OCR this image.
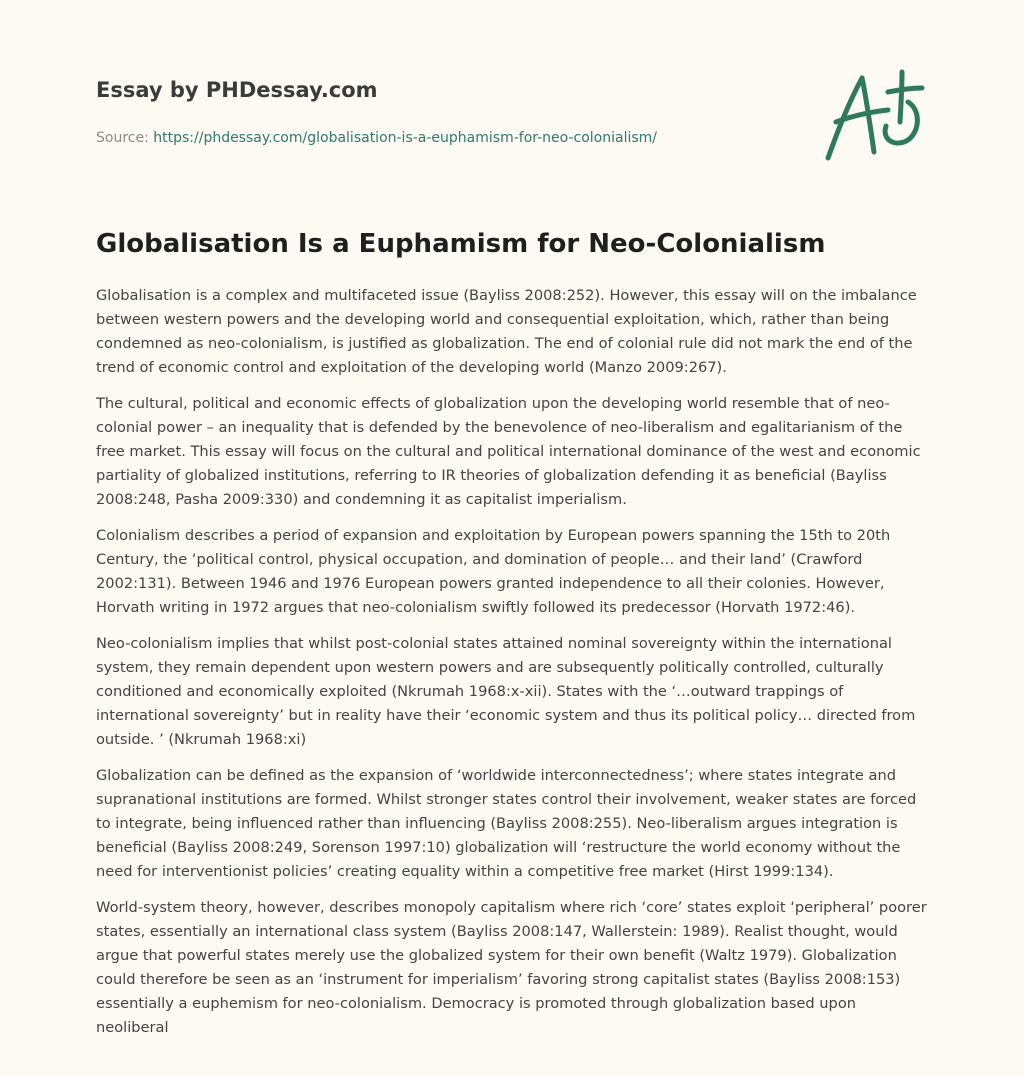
Essay by PHDessay.com
Source: https://phdessay.com/globalisation-is-a-euphamism-for-neo-colonialism/
Globalisation Is a Euphamism for Neo-Colonialism

Globalisation is a complex and multifaceted issue (Bayliss 2008:252). However, this essay will on the imbalance between western powers and the developing world and consequential exploitation, which, rather than being condemned as neo-colonialism, is justified as globalization. The end of colonial rule did not mark the end of the trend of economic control and exploitation of the developing world (Manzo 2009:267).

The cultural, political and economic effects of globalization upon the developing world resemble that of neo-colonial power – an inequality that is defended by the benevolence of neo-liberalism and egalitarianism of the free market. This essay will focus on the cultural and political international dominance of the west and economic partiality of globalized institutions, referring to IR theories of globalization defending it as beneficial (Bayliss 2008:248, Pasha 2009:330) and condemning it as capitalist imperialism.

Colonialism describes a period of expansion and exploitation by European powers spanning the 15th to 20th Century, the ‘political control, physical occupation, and domination of people… and their land’ (Crawford 2002:131). Between 1946 and 1976 European powers granted independence to all their colonies. However, Horvath writing in 1972 argues that neo-colonialism swiftly followed its predecessor (Horvath 1972:46).

Neo-colonialism implies that whilst post-colonial states attained nominal sovereignty within the international system, they remain dependent upon western powers and are subsequently politically controlled, culturally conditioned and economically exploited (Nkrumah 1968:x-xii). States with the ‘…outward trappings of international sovereignty’ but in reality have their ‘economic system and thus its political policy… directed from outside. ’ (Nkrumah 1968:xi)

Globalization can be defined as the expansion of ‘worldwide interconnectedness’; where states integrate and supranational institutions are formed. Whilst stronger states control their involvement, weaker states are forced to integrate, being influenced rather than influencing (Bayliss 2008:255). Neo-liberalism argues integration is beneficial (Bayliss 2008:249, Sorenson 1997:10) globalization will ‘restructure the world economy without the need for interventionist policies’ creating equality within a competitive free market (Hirst 1999:134).

World-system theory, however, describes monopoly capitalism where rich ‘core’ states exploit ‘peripheral’ poorer states, essentially an international class system (Bayliss 2008:147, Wallerstein: 1989). Realist thought, would argue that powerful states merely use the globalized system for their own benefit (Waltz 1979). Globalization could therefore be seen as an ‘instrument for imperialism’ favoring strong capitalist states (Bayliss 2008:153) essentially a euphemism for neo-colonialism. Democracy is promoted through globalization based upon neoliberal
